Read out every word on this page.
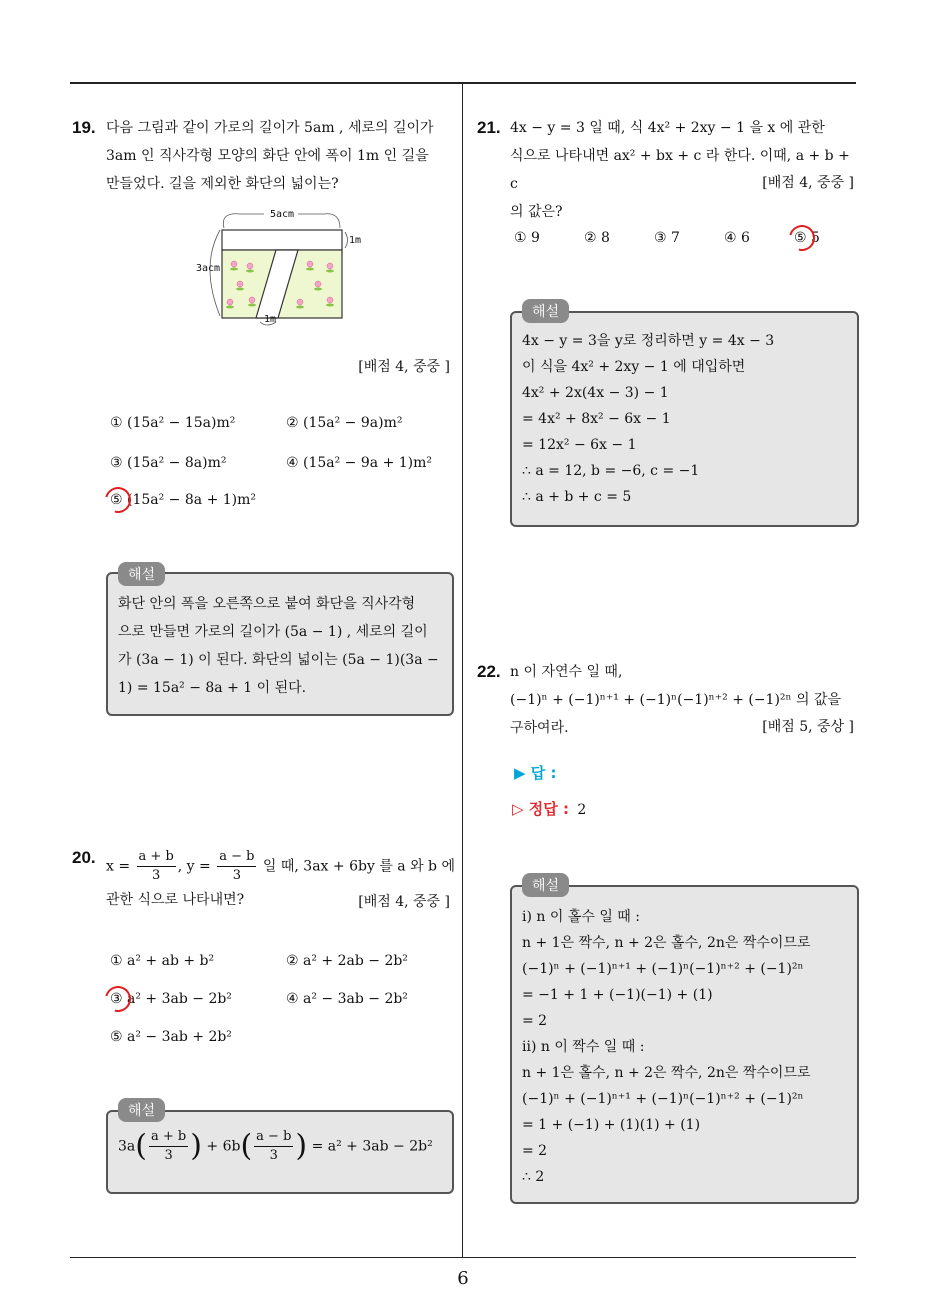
6
19. 다음 그림과 같이 가로의 길이가 5am , 세로의 길이가
3am 인 직사각형 모양의 화단 안에 폭이 1m 인 길을
만들었다. 길을 제외한 화단의 넓이는?
5acm
3acm
1m
1m
[배점 4, 중중 ]
① (15a² − 15a)m²	② (15a² − 9a)m²
③ (15a² − 8a)m²	④ (15a² − 9a + 1)m²
⑤ (15a² − 8a + 1)m²
해설
화단 안의 폭을 오른쪽으로 붙여 화단을 직사각형
으로 만들면 가로의 길이가 (5a − 1) , 세로의 길이
가 (3a − 1) 이 된다. 화단의 넓이는 (5a − 1)(3a −
1) = 15a² − 8a + 1 이 된다.
20. $x = \frac{a + b}{3}$ , $y = \frac{a - b}{3}$ 일 때, 3ax + 6by 를 a 와 b 에
관한 식으로 나타내면?	[배점 4, 중중 ]
① a² + ab + b²	② a² + 2ab − 2b²
③ a² + 3ab − 2b²	④ a² − 3ab − 2b²
⑤ a² − 3ab + 2b²
해설
$3a( \frac{a + b}{3}$ ) + $6b( \frac{a - b}{3}$ ) = a² + 3ab − 2b²
21. 4x − y = 3 일 때, 식 4x² + 2xy − 1 을 x 에 관한
식으로 나타내면 ax² + bx + c 라 한다. 이때, a + b + c
의 값은?
[배점 4, 중중 ]
① 9	② 8	③ 7	④ 6	⑤ 5
해설
4x − y = 3을 y로 정리하면 y = 4x − 3
이 식을 4x² + 2xy − 1 에 대입하면
4x² + 2x(4x − 3) − 1
= 4x² + 8x² − 6x − 1
= 12x² − 6x − 1
∴ a = 12, b = −6, c = −1
∴ a + b + c = 5
22. n 이 자연수 일 때,
(−1)ⁿ + (−1)ⁿ⁺¹ + (−1)ⁿ(−1)ⁿ⁺² + (−1)²ⁿ 의 값을
구하여라.	[배점 5, 중상 ]
▶ 답 :
▷ 정답 : 2
해설
i) n 이 홀수 일 때 :
n + 1은 짝수, n + 2은 홀수, 2n은 짝수이므로
(−1)ⁿ + (−1)ⁿ⁺¹ + (−1)ⁿ(−1)ⁿ⁺² + (−1)²ⁿ
= −1 + 1 + (−1)(−1) + (1)
= 2
ii) n 이 짝수 일 때 :
n + 1은 홀수, n + 2은 짝수, 2n은 짝수이므로
(−1)ⁿ + (−1)ⁿ⁺¹ + (−1)ⁿ(−1)ⁿ⁺² + (−1)²ⁿ
= 1 + (−1) + (1)(1) + (1)
= 2
∴ 2
